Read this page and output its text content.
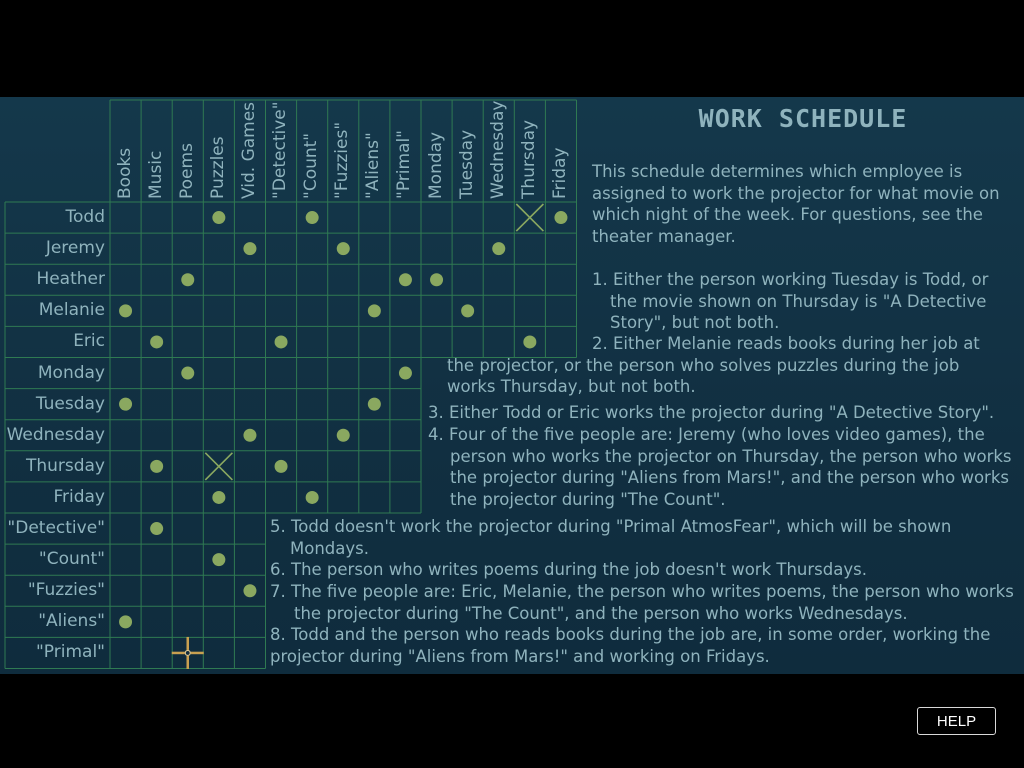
Todd
Jeremy
Heather
Melanie
Eric
Monday
Tuesday
Wednesday
Thursday
Friday
"Detective"
"Count"
"Fuzzies"
"Aliens"
"Primal"
Books Music Poems Puzzles Vid. Games "Detective" "Count" "Fuzzies" "Aliens" "Primal" Monday Tuesday Wednesday Thursday Friday
WORK SCHEDULE

This schedule determines which employee is assigned to work the projector for what movie on which night of the week. For questions, see the theater manager.

1. Either the person working Tuesday is Todd, or the movie shown on Thursday is "A Detective Story", but not both.

2. Either Melanie reads books during her job at the projector, or the person who solves puzzles during the job works Thursday, but not both.

3. Either Todd or Eric works the projector during "A Detective Story".

4. Four of the five people are: Jeremy (who loves video games), the person who works the projector on Thursday, the person who works the projector during "Aliens from Mars!", and the person who works the projector during "The Count".

5. Todd doesn't work the projector during "Primal AtmosFear", which will be shown Mondays.

6. The person who writes poems during the job doesn't work Thursdays.

7. The five people are: Eric, Melanie, the person who writes poems, the person who works the projector during "The Count", and the person who works Wednesdays.

8. Todd and the person who reads books during the job are, in some order, working the projector during "Aliens from Mars!" and working on Fridays.

HELP
